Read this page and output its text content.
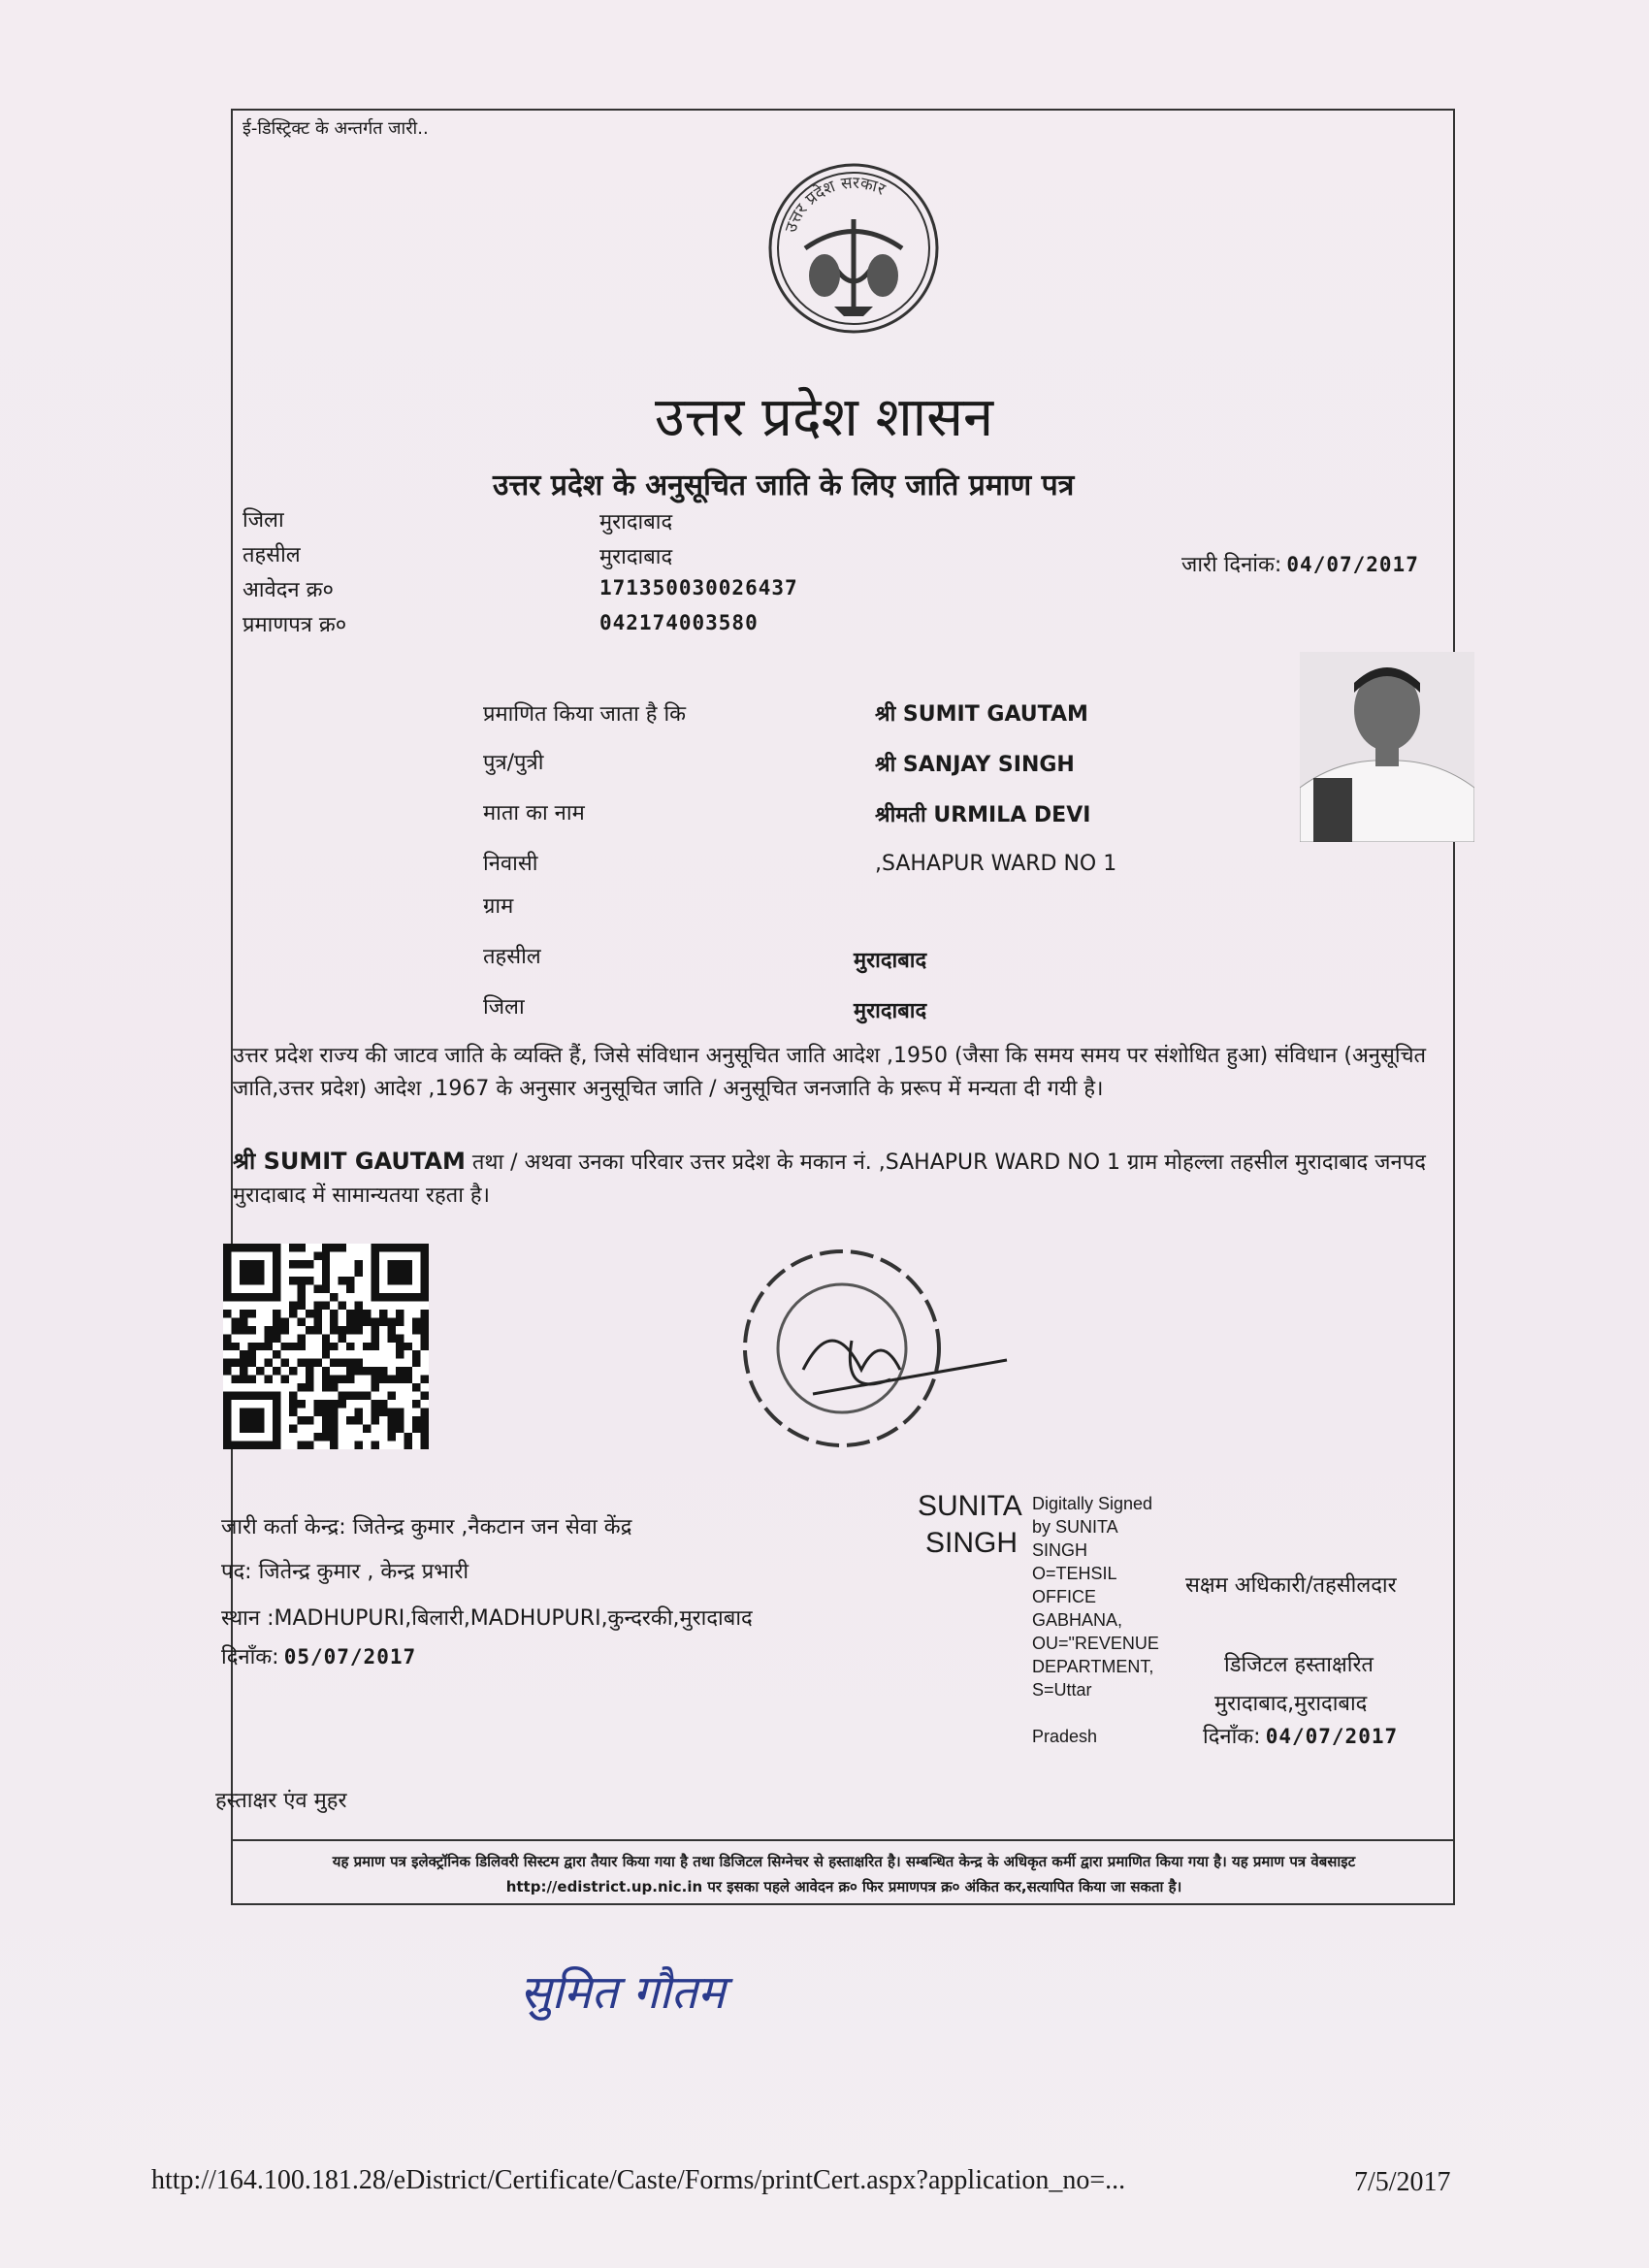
ई-डिस्ट्रिक्ट के अन्तर्गत जारी..
उत्तर प्रदेश सरकार
उत्तर प्रदेश शासन
उत्तर प्रदेश के अनुसूचित जाति के लिए जाति प्रमाण पत्र
जिला	मुरादाबाद
तहसील	मुरादाबाद
आवेदन क्र०	171350030026437
प्रमाणपत्र क्र०	042174003580
जारी दिनांक: 04/07/2017
प्रमाणित किया जाता है कि	श्री SUMIT GAUTAM
पुत्र/पुत्री	श्री SANJAY SINGH
माता का नाम	श्रीमती URMILA DEVI
निवासी	,SAHAPUR WARD NO 1
ग्राम
तहसील	मुरादाबाद
जिला	मुरादाबाद
उत्तर प्रदेश राज्य की जाटव जाति के व्यक्ति हैं, जिसे संविधान अनुसूचित जाति आदेश ,1950 (जैसा कि समय समय पर संशोधित हुआ) संविधान (अनुसूचित जाति,उत्तर प्रदेश) आदेश ,1967 के अनुसार अनुसूचित जाति / अनुसूचित जनजाति के प्ररूप में मन्यता दी गयी है।
श्री SUMIT GAUTAM तथा / अथवा उनका परिवार उत्तर प्रदेश के मकान नं. ,SAHAPUR WARD NO 1 ग्राम मोहल्ला तहसील मुरादाबाद जनपद मुरादाबाद में सामान्यतया रहता है।
जारी कर्ता केन्द्र: जितेन्द्र कुमार ,नैकटान जन सेवा केंद्र
पद: जितेन्द्र कुमार , केन्द्र प्रभारी
स्थान :MADHUPURI,बिलारी,MADHUPURI,कुन्दरकी,मुरादाबाद
दिनाँक: 05/07/2017
SUNITA
SINGH
Digitally Signed
by SUNITA
SINGH
O=TEHSIL
OFFICE
GABHANA,
OU="REVENUE
DEPARTMENT,
S=Uttar
Pradesh
सक्षम अधिकारी/तहसीलदार
डिजिटल हस्ताक्षरित
मुरादाबाद,मुरादाबाद
दिनाँक: 04/07/2017
हस्ताक्षर एंव मुहर
यह प्रमाण पत्र इलेक्ट्रॉनिक डिलिवरी सिस्टम द्वारा तैयार किया गया है तथा डिजिटल सिग्नेचर से हस्ताक्षरित है। सम्बन्धित केन्द्र के अधिकृत कर्मी द्वारा प्रमाणित किया गया है। यह प्रमाण पत्र वेबसाइट http://edistrict.up.nic.in पर इसका पहले आवेदन क्र० फिर प्रमाणपत्र क्र० अंकित कर,सत्यापित किया जा सकता है।
सुमित गौतम
http://164.100.181.28/eDistrict/Certificate/Caste/Forms/printCert.aspx?application_no=...	7/5/2017
